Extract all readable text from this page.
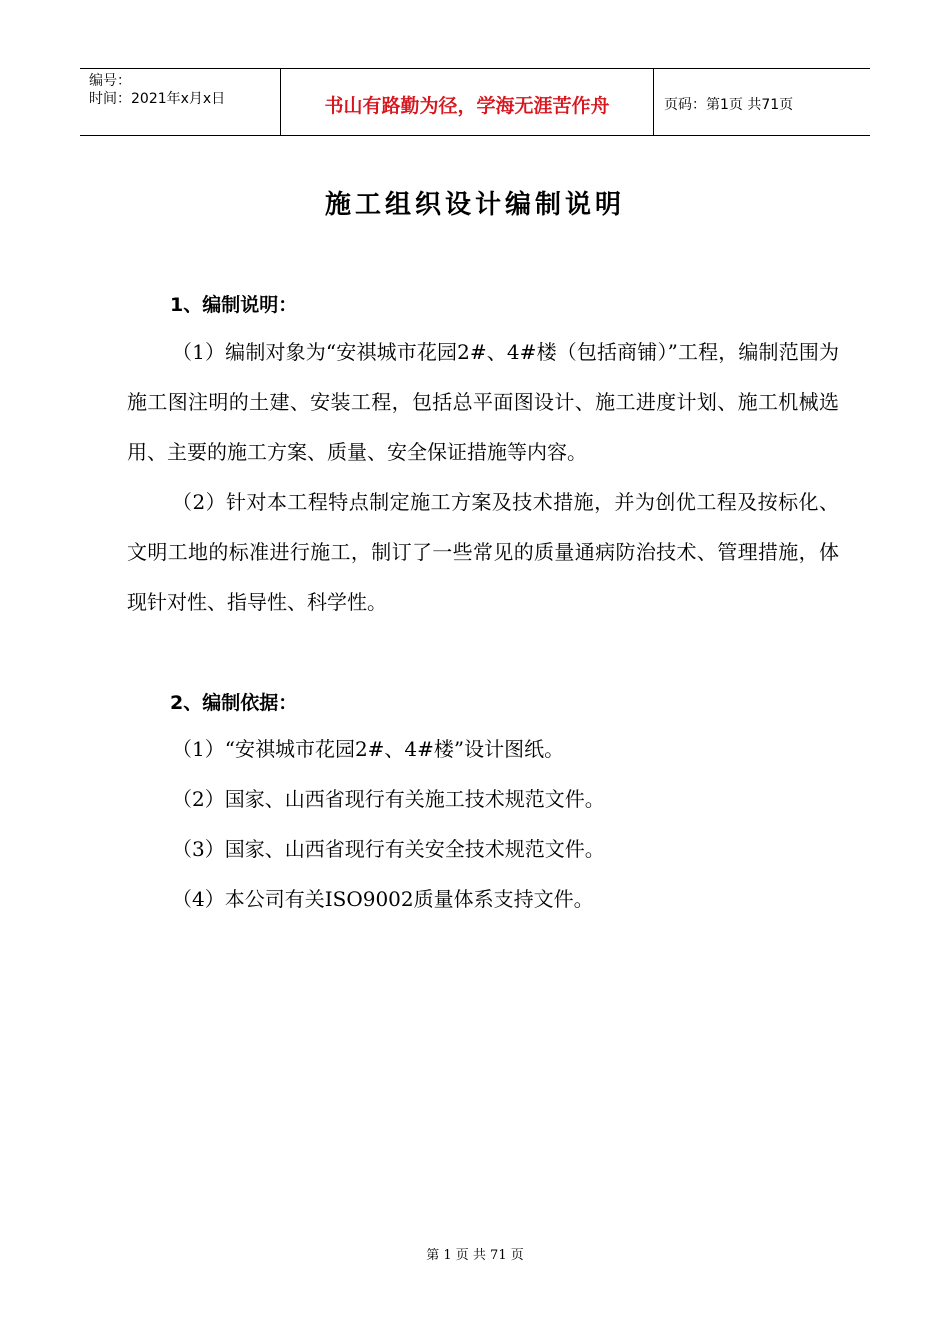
编号：
时间：2021年x月x日	书山有路勤为径，学海无涯苦作舟	页码：第1页 共71页
施工组织设计编制说明
1、编制说明：
（1）编制对象为“安祺城市花园2#、4#楼（包括商铺）”工程，编制范围为施工图注明的土建、安装工程，包括总平面图设计、施工进度计划、施工机械选用、主要的施工方案、质量、安全保证措施等内容。
（2）针对本工程特点制定施工方案及技术措施，并为创优工程及按标化、文明工地的标准进行施工，制订了一些常见的质量通病防治技术、管理措施，体现针对性、指导性、科学性。
2、编制依据：
（1）“安祺城市花园2#、4#楼”设计图纸。
（2）国家、山西省现行有关施工技术规范文件。
（3）国家、山西省现行有关安全技术规范文件。
（4）本公司有关ISO9002质量体系支持文件。
第 1 页 共 71 页
